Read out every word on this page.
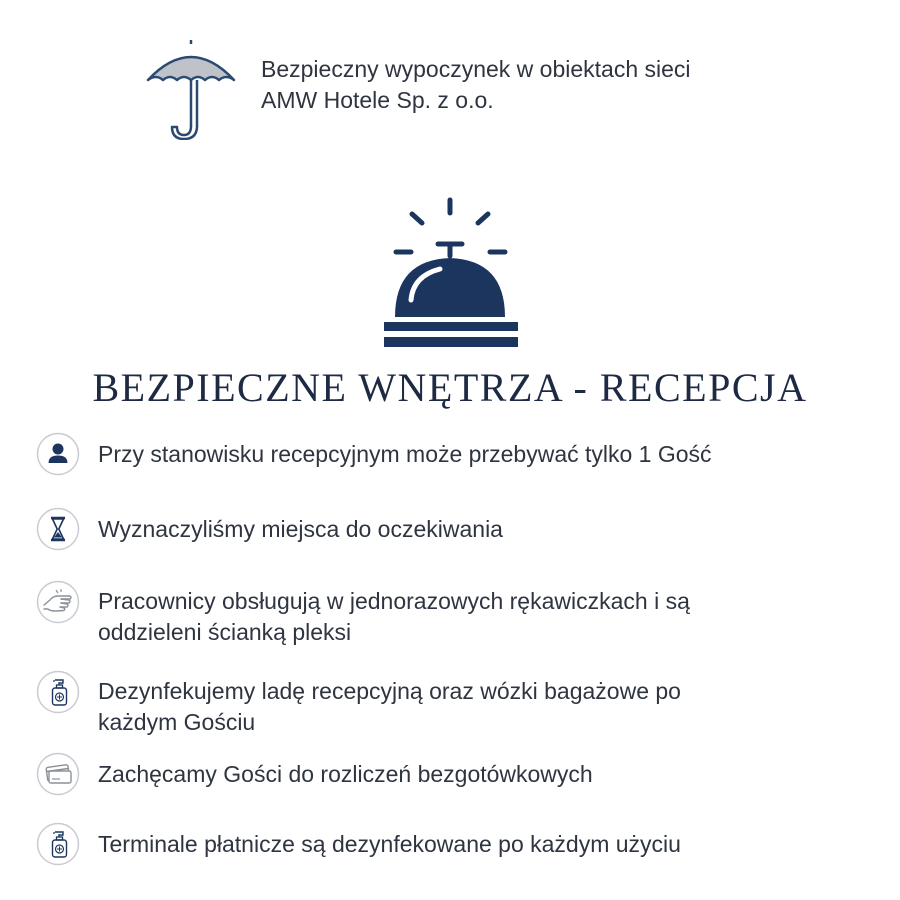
Bezpieczny wypoczynek w obiektach sieci
AMW Hotele Sp. z o.o.
BEZPIECZNE WNĘTRZA - RECEPCJA
Przy stanowisku recepcyjnym może przebywać tylko 1 Gość
Wyznaczyliśmy miejsca do oczekiwania
Pracownicy obsługują w jednorazowych rękawiczkach i są
oddzieleni ścianką pleksi
Dezynfekujemy ladę recepcyjną oraz wózki bagażowe po
każdym Gościu
Zachęcamy Gości do rozliczeń bezgotówkowych
Terminale płatnicze są dezynfekowane po każdym użyciu
